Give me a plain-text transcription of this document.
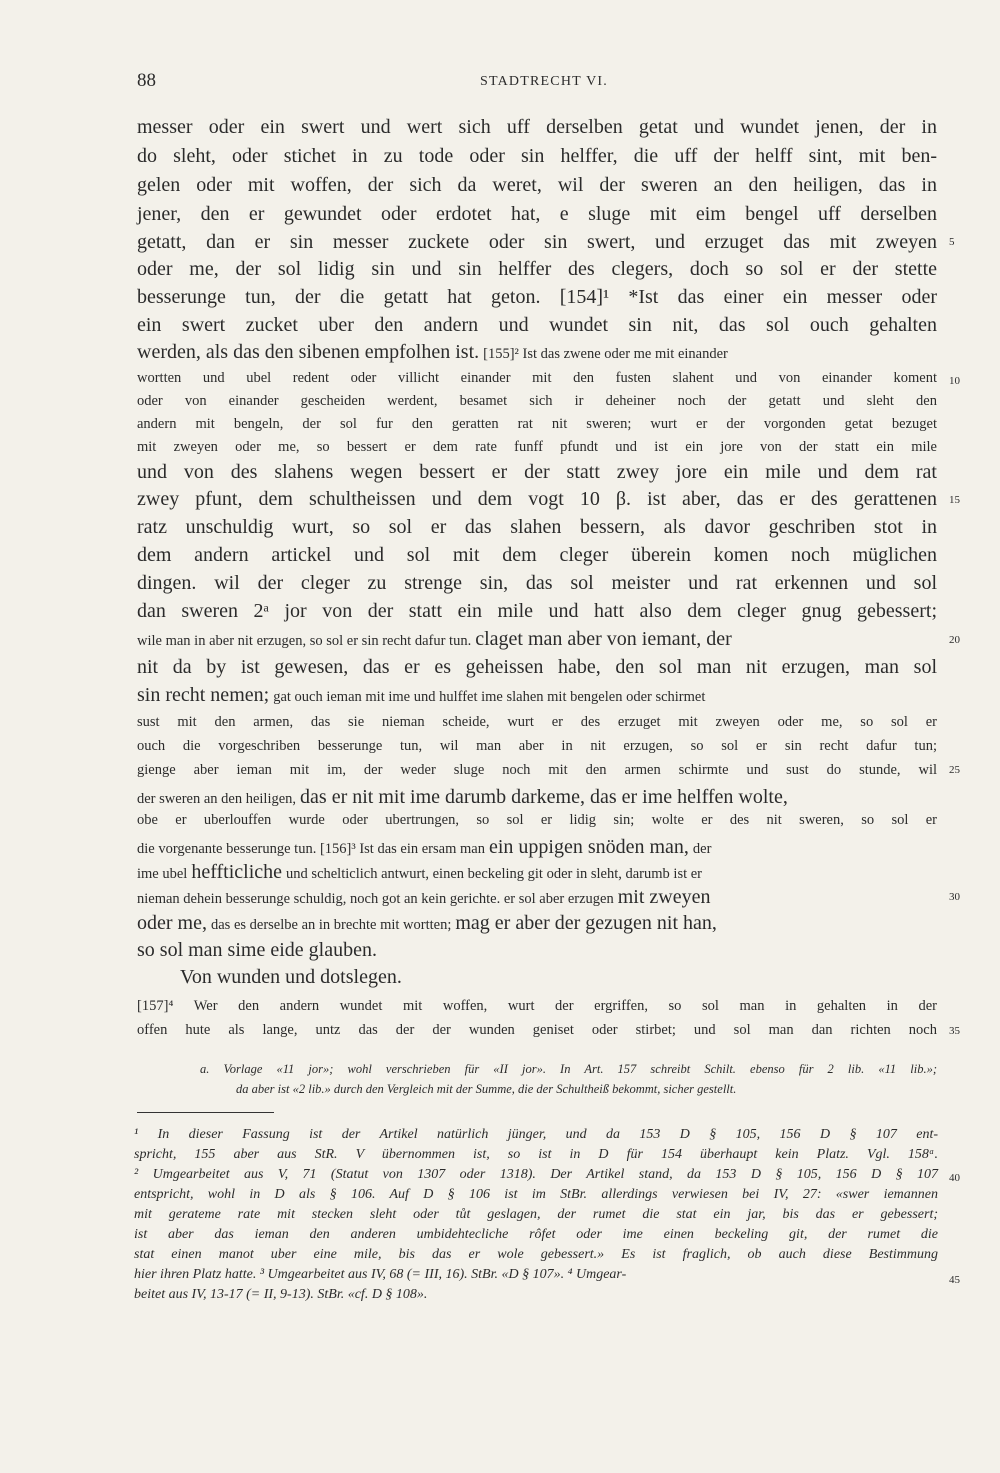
88	STADTRECHT VI.
messer oder ein swert und wert sich uff derselben getat und wundet jenen, der in
do sleht, oder stichet in zu tode oder sin helffer, die uff der helff sint, mit ben-
gelen oder mit woffen, der sich da weret, wil der sweren an den heiligen, das in
jener, den er gewundet oder erdotet hat, e sluge mit eim bengel uff derselben
getatt, dan er sin messer zuckete oder sin swert, und erzuget das mit zweyen
oder me, der sol lidig sin und sin helffer des clegers, doch so sol er der stette
besserunge tun, der die getatt hat geton. [154]¹ *Ist das einer ein messer oder
ein swert zucket uber den andern und wundet sin nit, das sol ouch gehalten
werden, als das den sibenen empfolhen ist. [155]² Ist das zwene oder me mit einander
wortten und ubel redent oder villicht einander mit den fusten slahent und von einander koment
oder von einander gescheiden werdent, besamet sich ir deheiner noch der getatt und sleht den
andern mit bengeln, der sol fur den geratten rat nit sweren; wurt er der vorgonden getat bezuget
mit zweyen oder me, so bessert er dem rate funff pfundt und ist ein jore von der statt ein mile
und von des slahens wegen bessert er der statt zwey jore ein mile und dem rat
zwey pfunt, dem schultheissen und dem vogt 10 β. ist aber, das er des gerattenen
ratz unschuldig wurt, so sol er das slahen bessern, als davor geschriben stot in
dem andern artickel und sol mit dem cleger überein komen noch müglichen
dingen. wil der cleger zu strenge sin, das sol meister und rat erkennen und sol
dan sweren 2ᵃ jor von der statt ein mile und hatt also dem cleger gnug gebessert;
wile man in aber nit erzugen, so sol er sin recht dafur tun. claget man aber von iemant, der
nit da by ist gewesen, das er es geheissen habe, den sol man nit erzugen, man sol
sin recht nemen; gat ouch ieman mit ime und hulffet ime slahen mit bengelen oder schirmet
sust mit den armen, das sie nieman scheide, wurt er des erzuget mit zweyen oder me, so sol er
ouch die vorgeschriben besserunge tun, wil man aber in nit erzugen, so sol er sin recht dafur tun;
gienge aber ieman mit im, der weder sluge noch mit den armen schirmte und sust do stunde, wil
der sweren an den heiligen, das er nit mit ime darumb darkeme, das er ime helffen wolte,
obe er uberlouffen wurde oder ubertrungen, so sol er lidig sin; wolte er des nit sweren, so sol er
die vorgenante besserunge tun. [156]³ Ist das ein ersam man ein uppigen snöden man, der
ime ubel heffticliche und schelticlich antwurt, einen beckeling git oder in sleht, darumb ist er
nieman dehein besserunge schuldig, noch got an kein gerichte. er sol aber erzugen mit zweyen
oder me, das es derselbe an in brechte mit wortten; mag er aber der gezugen nit han,
so sol man sime eide glauben.
Von wunden und dotslegen.
[157]⁴ Wer den andern wundet mit woffen, wurt der ergriffen, so sol man in gehalten in der
offen hute als lange, untz das der der wunden geniset oder stirbet; und sol man dan richten noch
5
10
15
20
25
30
35
40
45
a. Vorlage «11 jor»; wohl verschrieben für «II jor». In Art. 157 schreibt Schilt. ebenso für 2 lib. «11 lib.»;
da aber ist «2 lib.» durch den Vergleich mit der Summe, die der Schultheiß bekommt, sicher gestellt.
¹ In dieser Fassung ist der Artikel natürlich jünger, und da 153 D § 105, 156 D § 107 ent-
spricht, 155 aber aus StR. V übernommen ist, so ist in D für 154 überhaupt kein Platz. Vgl. 158ᵃ.
² Umgearbeitet aus V, 71 (Statut von 1307 oder 1318). Der Artikel stand, da 153 D § 105, 156 D § 107
entspricht, wohl in D als § 106. Auf D § 106 ist im StBr. allerdings verwiesen bei IV, 27: «swer iemannen
mit gerateme rate mit stecken sleht oder tůt geslagen, der rumet die stat ein jar, bis das er gebessert;
ist aber das ieman den anderen umbidehtecliche rôfet oder ime einen beckeling git, der rumet die
stat einen manot uber eine mile, bis das er wole gebessert.» Es ist fraglich, ob auch diese Bestimmung
hier ihren Platz hatte. ³ Umgearbeitet aus IV, 68 (= III, 16). StBr. «D § 107». ⁴ Umgear-
beitet aus IV, 13-17 (= II, 9-13). StBr. «cf. D § 108».
